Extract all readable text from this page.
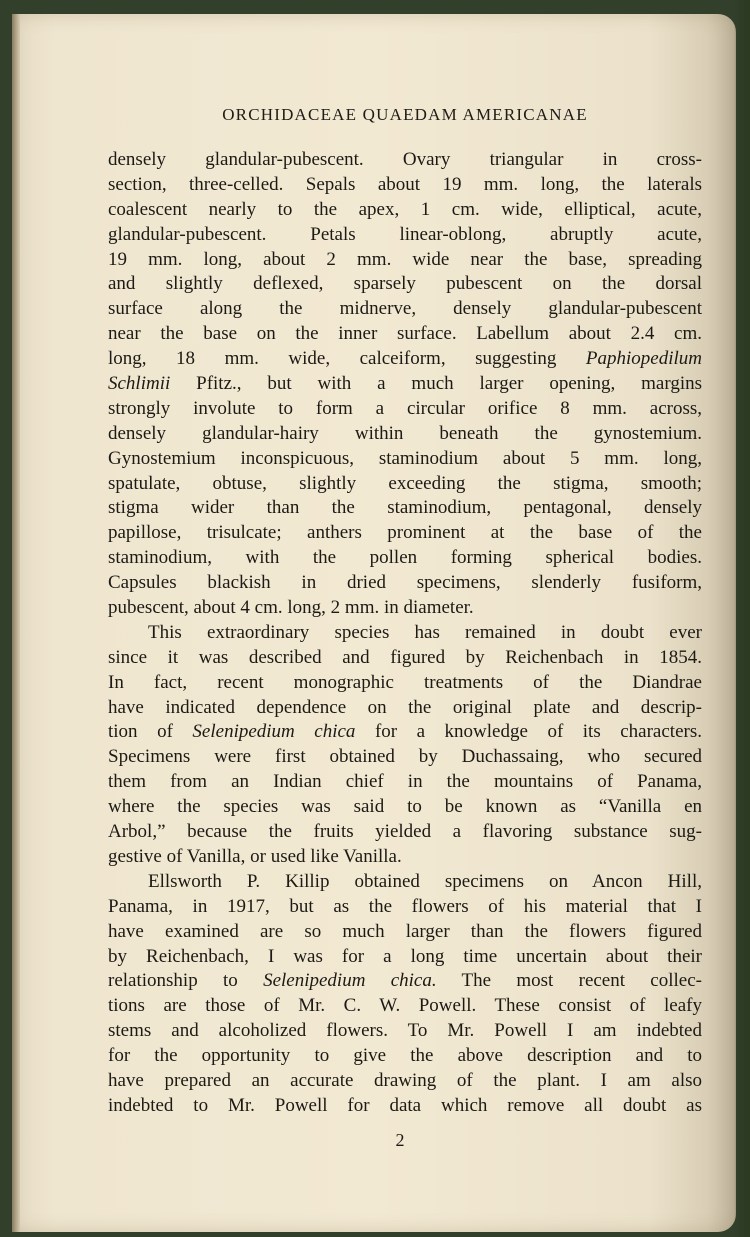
ORCHIDACEAE QUAEDAM AMERICANAE
densely glandular-pubescent. Ovary triangular in cross-
section, three-celled. Sepals about 19 mm. long, the laterals
coalescent nearly to the apex, 1 cm. wide, elliptical, acute,
glandular-pubescent. Petals linear-oblong, abruptly acute,
19 mm. long, about 2 mm. wide near the base, spreading
and slightly deflexed, sparsely pubescent on the dorsal
surface along the midnerve, densely glandular-pubescent
near the base on the inner surface. Labellum about 2.4 cm.
long, 18 mm. wide, calceiform, suggesting Paphiopedilum
Schlimii Pfitz., but with a much larger opening, margins
strongly involute to form a circular orifice 8 mm. across,
densely glandular-hairy within beneath the gynostemium.
Gynostemium inconspicuous, staminodium about 5 mm. long,
spatulate, obtuse, slightly exceeding the stigma, smooth;
stigma wider than the staminodium, pentagonal, densely
papillose, trisulcate; anthers prominent at the base of the
staminodium, with the pollen forming spherical bodies.
Capsules blackish in dried specimens, slenderly fusiform,
pubescent, about 4 cm. long, 2 mm. in diameter.
This extraordinary species has remained in doubt ever
since it was described and figured by Reichenbach in 1854.
In fact, recent monographic treatments of the Diandrae
have indicated dependence on the original plate and descrip-
tion of Selenipedium chica for a knowledge of its characters.
Specimens were first obtained by Duchassaing, who secured
them from an Indian chief in the mountains of Panama,
where the species was said to be known as “Vanilla en
Arbol,” because the fruits yielded a flavoring substance sug-
gestive of Vanilla, or used like Vanilla.
Ellsworth P. Killip obtained specimens on Ancon Hill,
Panama, in 1917, but as the flowers of his material that I
have examined are so much larger than the flowers figured
by Reichenbach, I was for a long time uncertain about their
relationship to Selenipedium chica. The most recent collec-
tions are those of Mr. C. W. Powell. These consist of leafy
stems and alcoholized flowers. To Mr. Powell I am indebted
for the opportunity to give the above description and to
have prepared an accurate drawing of the plant. I am also
indebted to Mr. Powell for data which remove all doubt as
2
